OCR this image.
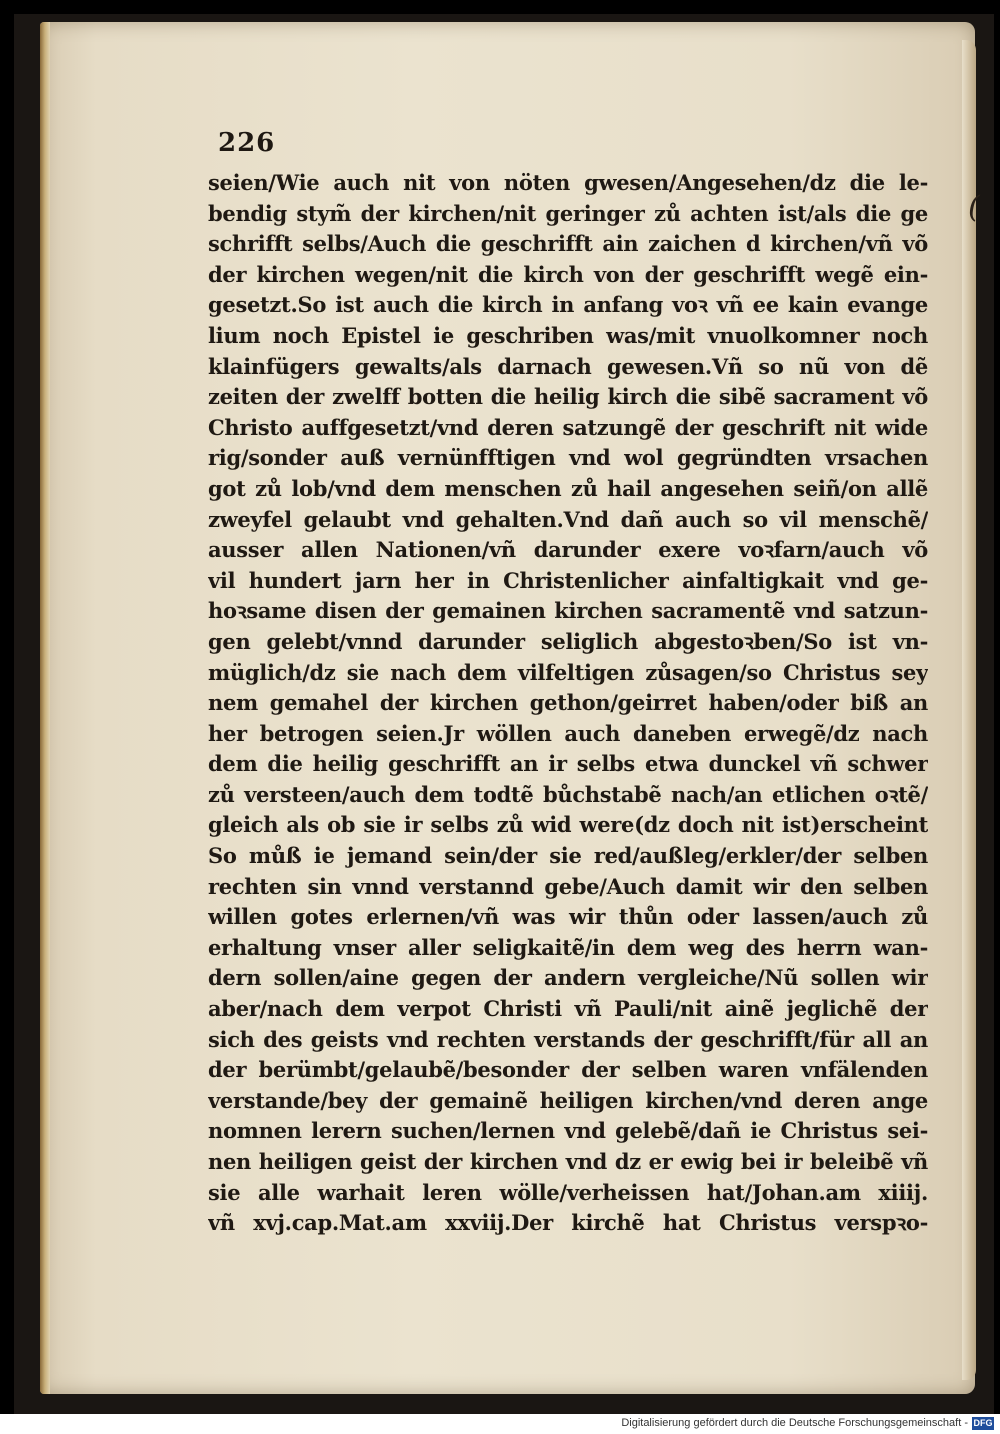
(
226
seien/Wie auch nit von nöten gwesen/Angesehen/dz die le-
bendig stym̃ der kirchen/nit geringer zů achten ist/als die ge
schrifft selbs/Auch die geschrifft ain zaichen d kirchen/vñ võ
der kirchen wegen/nit die kirch von der geschrifft wegẽ ein-
gesetzt.So ist auch die kirch in anfang voꝛ vñ ee kain evange
lium noch Epistel ie geschriben was/mit vnuolkomner noch
klainfügers gewalts/als darnach gewesen.Vñ so nũ von dẽ
zeiten der zwelff botten die heilig kirch die sibẽ sacrament võ
Christo auffgesetzt/vnd deren satzungẽ der geschrift nit wide
rig/sonder auß vernünfftigen vnd wol gegründten vrsachen
got zů lob/vnd dem menschen zů hail angesehen seiñ/on allẽ
zweyfel gelaubt vnd gehalten.Vnd dañ auch so vil menschẽ/
ausser allen Nationen/vñ darunder exere voꝛfarn/auch võ
vil hundert jarn her in Christenlicher ainfaltigkait vnd ge-
hoꝛsame disen der gemainen kirchen sacramentẽ vnd satzun-
gen gelebt/vnnd darunder seliglich abgestoꝛben/So ist vn-
müglich/dz sie nach dem vilfeltigen zůsagen/so Christus sey
nem gemahel der kirchen gethon/geirret haben/oder biß an
her betrogen seien.Jr wöllen auch daneben erwegẽ/dz nach
dem die heilig geschrifft an ir selbs etwa dunckel vñ schwer
zů versteen/auch dem todtẽ bůchstabẽ nach/an etlichen oꝛtẽ/
gleich als ob sie ir selbs zů wid were(dz doch nit ist)erscheint
So můß ie jemand sein/der sie red/außleg/erkler/der selben
rechten sin vnnd verstannd gebe/Auch damit wir den selben
willen gotes erlernen/vñ was wir thůn oder lassen/auch zů
erhaltung vnser aller seligkaitẽ/in dem weg des herrn wan-
dern sollen/aine gegen der andern vergleiche/Nũ sollen wir
aber/nach dem verpot Christi vñ Pauli/nit ainẽ jeglichẽ der
sich des geists vnd rechten verstands der geschrifft/für all an
der berümbt/gelaubẽ/besonder der selben waren vnfälenden
verstande/bey der gemainẽ heiligen kirchen/vnd deren ange
nomnen lerern suchen/lernen vnd gelebẽ/dañ ie Christus sei-
nen heiligen geist der kirchen vnd dz er ewig bei ir beleibẽ vñ
sie alle warhait leren wölle/verheissen hat/Johan.am xiiij.
vñ xvj.cap.Mat.am xxviij.Der kirchẽ hat Christus verspꝛo-
Digitalisierung gefördert durch die Deutsche Forschungsgemeinschaft - DFG
